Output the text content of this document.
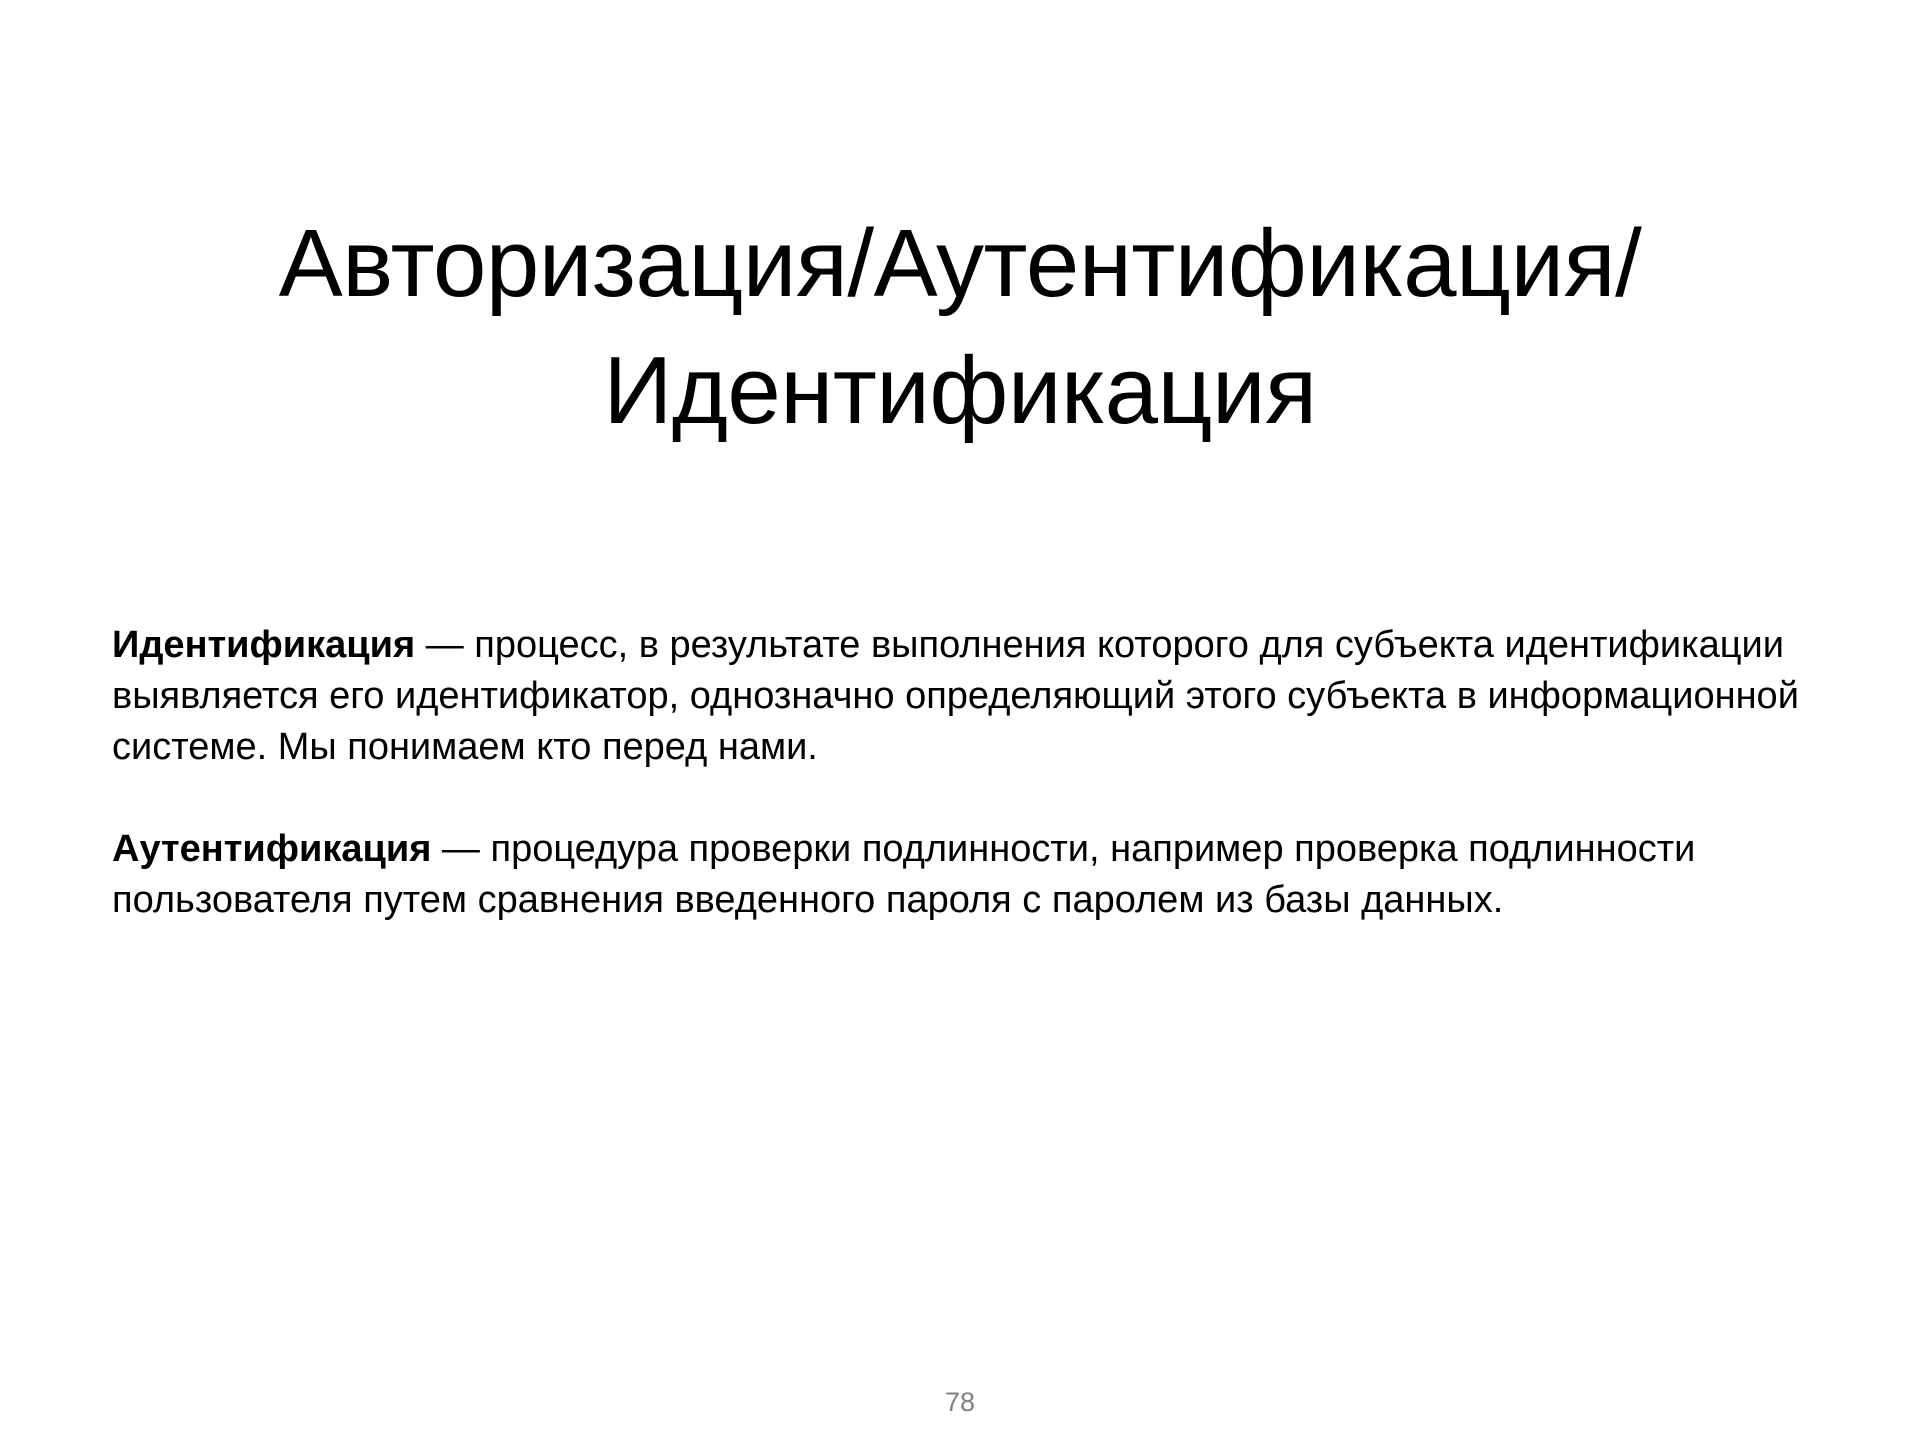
Авторизация/Аутентификация/
Идентификация

Идентификация — процесс, в результате выполнения которого для субъекта идентификации выявляется его идентификатор, однозначно определяющий этого субъекта в информационной системе. Мы понимаем кто перед нами.

Аутентификация — процедура проверки подлинности, например проверка подлинности пользователя путем сравнения введенного пароля с паролем из базы данных.

78
